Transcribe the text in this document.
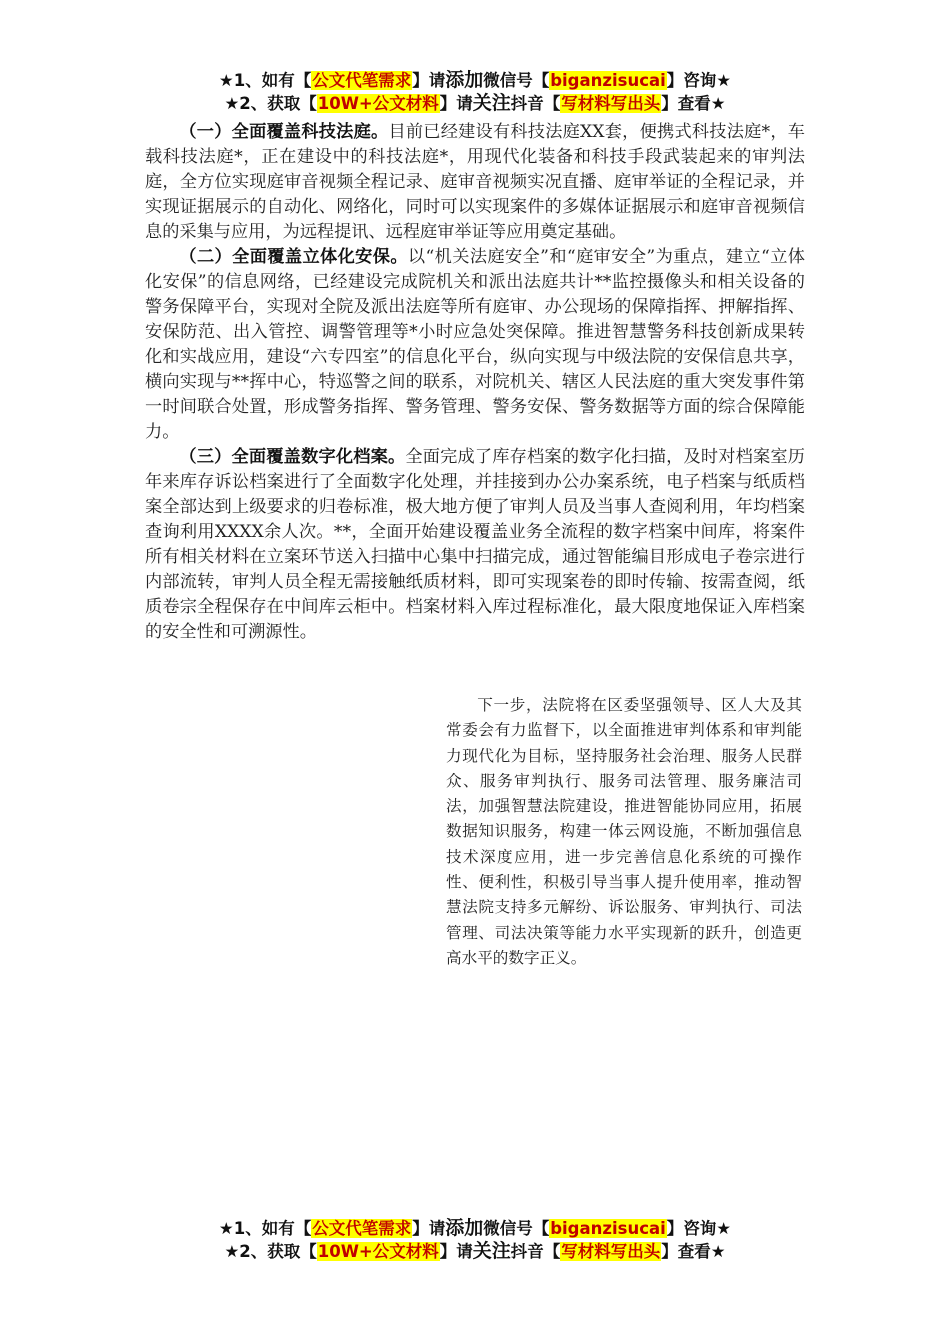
★1、如有【公文代笔需求】请添加微信号【biganzisucai】咨询★
★2、获取【10W+公文材料】请关注抖音【写材料写出头】查看★

（一）全面覆盖科技法庭。目前已经建设有科技法庭XX套，便携式科技法庭*，车载科技法庭*，正在建设中的科技法庭*，用现代化装备和科技手段武装起来的审判法庭，全方位实现庭审音视频全程记录、庭审音视频实况直播、庭审举证的全程记录，并实现证据展示的自动化、网络化，同时可以实现案件的多媒体证据展示和庭审音视频信息的采集与应用，为远程提讯、远程庭审举证等应用奠定基础。

（二）全面覆盖立体化安保。以“机关法庭安全”和“庭审安全”为重点，建立“立体化安保”的信息网络，已经建设完成院机关和派出法庭共计**监控摄像头和相关设备的警务保障平台，实现对全院及派出法庭等所有庭审、办公现场的保障指挥、押解指挥、安保防范、出入管控、调警管理等*小时应急处突保障。推进智慧警务科技创新成果转化和实战应用，建设“六专四室”的信息化平台，纵向实现与中级法院的安保信息共享，横向实现与**挥中心，特巡警之间的联系，对院机关、辖区人民法庭的重大突发事件第一时间联合处置，形成警务指挥、警务管理、警务安保、警务数据等方面的综合保障能力。

（三）全面覆盖数字化档案。全面完成了库存档案的数字化扫描，及时对档案室历年来库存诉讼档案进行了全面数字化处理，并挂接到办公办案系统，电子档案与纸质档案全部达到上级要求的归卷标准，极大地方便了审判人员及当事人查阅利用，年均档案查询利用XXXX余人次。**，全面开始建设覆盖业务全流程的数字档案中间库，将案件所有相关材料在立案环节送入扫描中心集中扫描完成，通过智能编目形成电子卷宗进行内部流转，审判人员全程无需接触纸质材料，即可实现案卷的即时传输、按需查阅，纸质卷宗全程保存在中间库云柜中。档案材料入库过程标准化，最大限度地保证入库档案的安全性和可溯源性。

下一步，法院将在区委坚强领导、区人大及其常委会有力监督下，以全面推进审判体系和审判能力现代化为目标，坚持服务社会治理、服务人民群众、服务审判执行、服务司法管理、服务廉洁司法，加强智慧法院建设，推进智能协同应用，拓展数据知识服务，构建一体云网设施，不断加强信息技术深度应用，进一步完善信息化系统的可操作性、便利性，积极引导当事人提升使用率，推动智慧法院支持多元解纷、诉讼服务、审判执行、司法管理、司法决策等能力水平实现新的跃升，创造更高水平的数字正义。

★1、如有【公文代笔需求】请添加微信号【biganzisucai】咨询★
★2、获取【10W+公文材料】请关注抖音【写材料写出头】查看★
